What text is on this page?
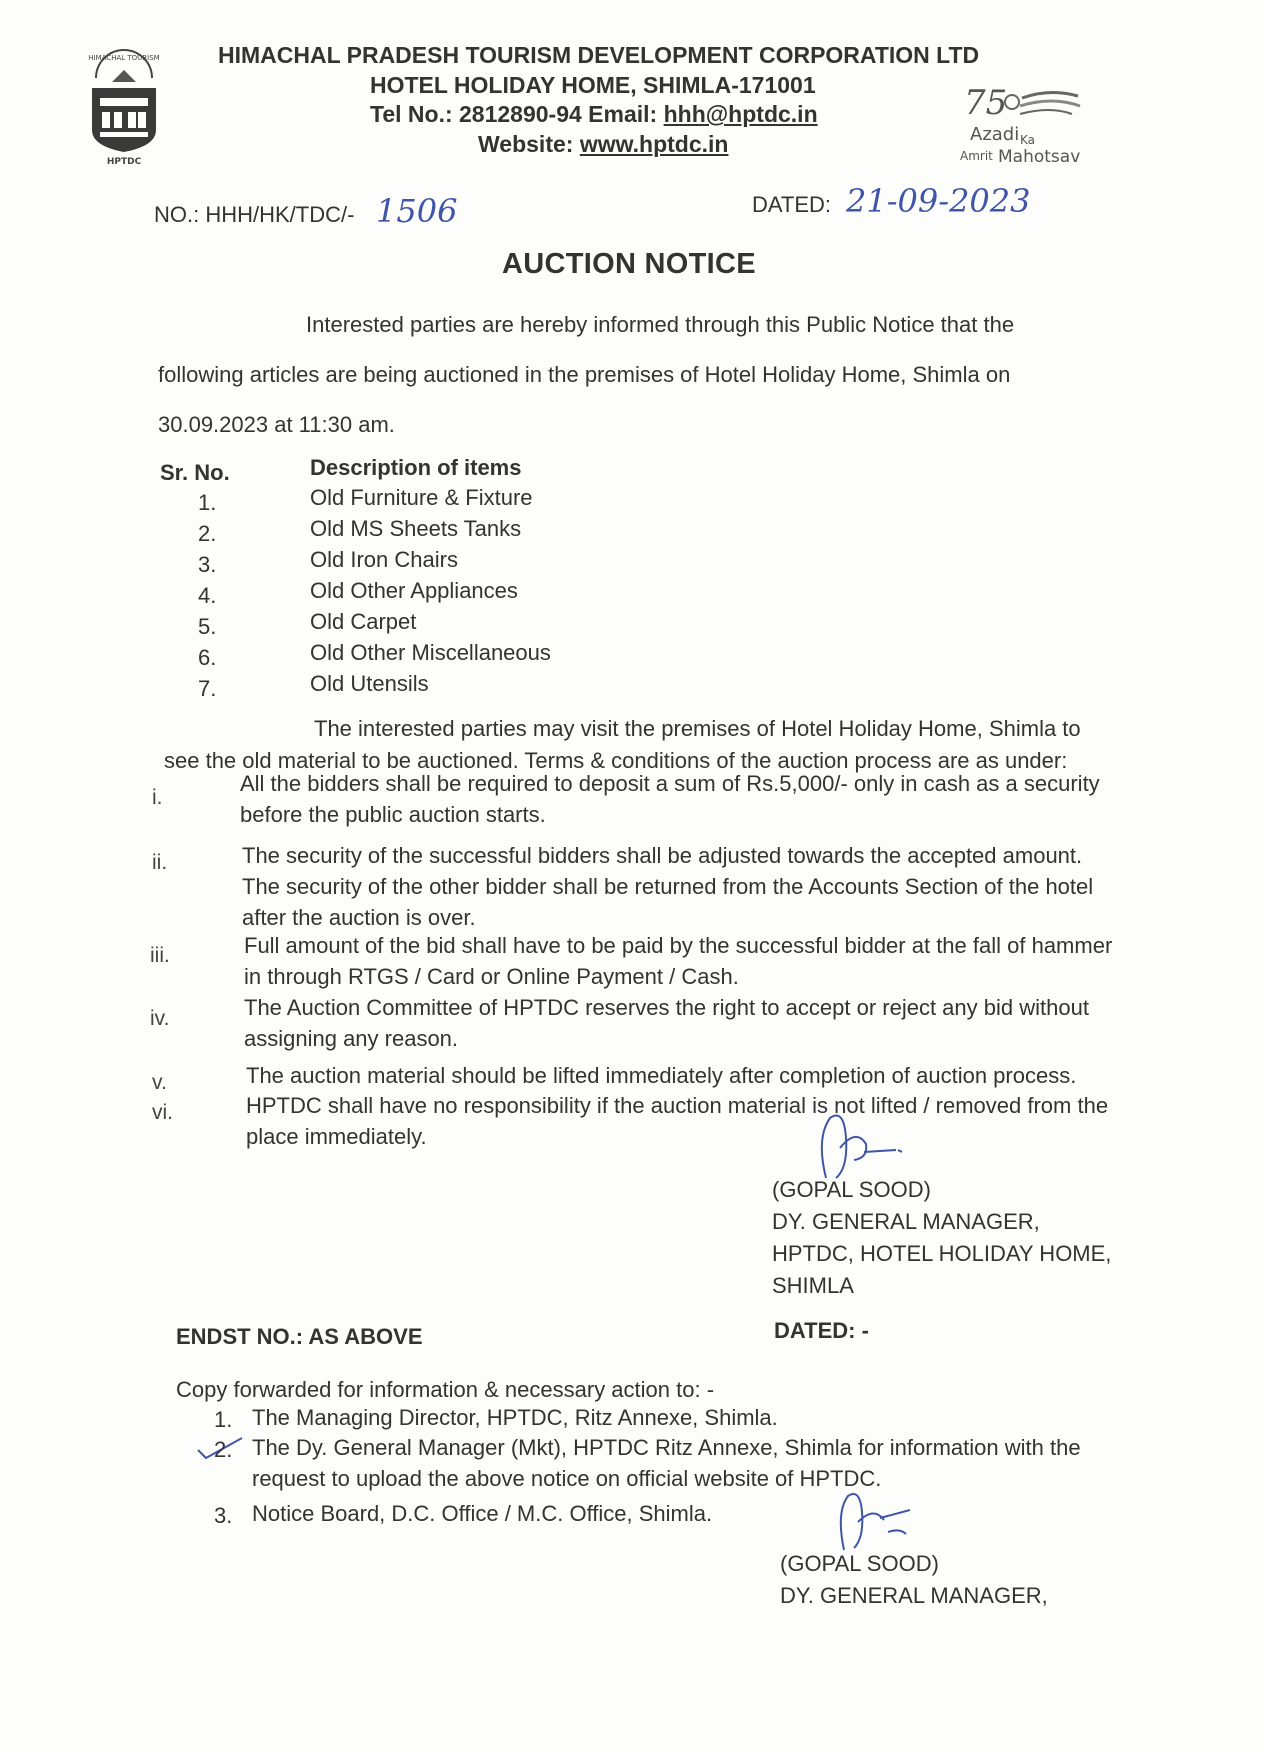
HIMACHAL TOURISM
HPTDC
HIMACHAL PRADESH TOURISM DEVELOPMENT CORPORATION LTD
HOTEL HOLIDAY HOME, SHIMLA-171001
Tel No.: 2812890-94 Email: hhh@hptdc.in
Website: www.hptdc.in
75
Azadi Ka
Amrit Mahotsav
NO.: HHH/HK/TDC/- 1506	DATED: 21-09-2023
AUCTION NOTICE
Interested parties are hereby informed through this Public Notice that the
following articles are being auctioned in the premises of Hotel Holiday Home, Shimla on
30.09.2023 at 11:30 am.
Sr. No.	Description of items
1.	Old Furniture & Fixture
2.	Old MS Sheets Tanks
3.	Old Iron Chairs
4.	Old Other Appliances
5.	Old Carpet
6.	Old Other Miscellaneous
7.	Old Utensils
The interested parties may visit the premises of Hotel Holiday Home, Shimla to
see the old material to be auctioned. Terms & conditions of the auction process are as under:
i.
All the bidders shall be required to deposit a sum of Rs.5,000/- only in cash as a security before the public auction starts.
ii.	The security of the successful bidders shall be adjusted towards the accepted amount. The security of the other bidder shall be returned from the Accounts Section of the hotel after the auction is over.
iii.	Full amount of the bid shall have to be paid by the successful bidder at the fall of hammer in through RTGS / Card or Online Payment / Cash.
iv.	The Auction Committee of HPTDC reserves the right to accept or reject any bid without assigning any reason.
v.	The auction material should be lifted immediately after completion of auction process.
vi.	HPTDC shall have no responsibility if the auction material is not lifted / removed from the place immediately.
(GOPAL SOOD)
DY. GENERAL MANAGER,
HPTDC, HOTEL HOLIDAY HOME,
SHIMLA
ENDST NO.: AS ABOVE	DATED: -
Copy forwarded for information & necessary action to: -
1. The Managing Director, HPTDC, Ritz Annexe, Shimla.
2. The Dy. General Manager (Mkt), HPTDC Ritz Annexe, Shimla for information with the request to upload the above notice on official website of HPTDC.
3. Notice Board, D.C. Office / M.C. Office, Shimla.
(GOPAL SOOD)
DY. GENERAL MANAGER,
